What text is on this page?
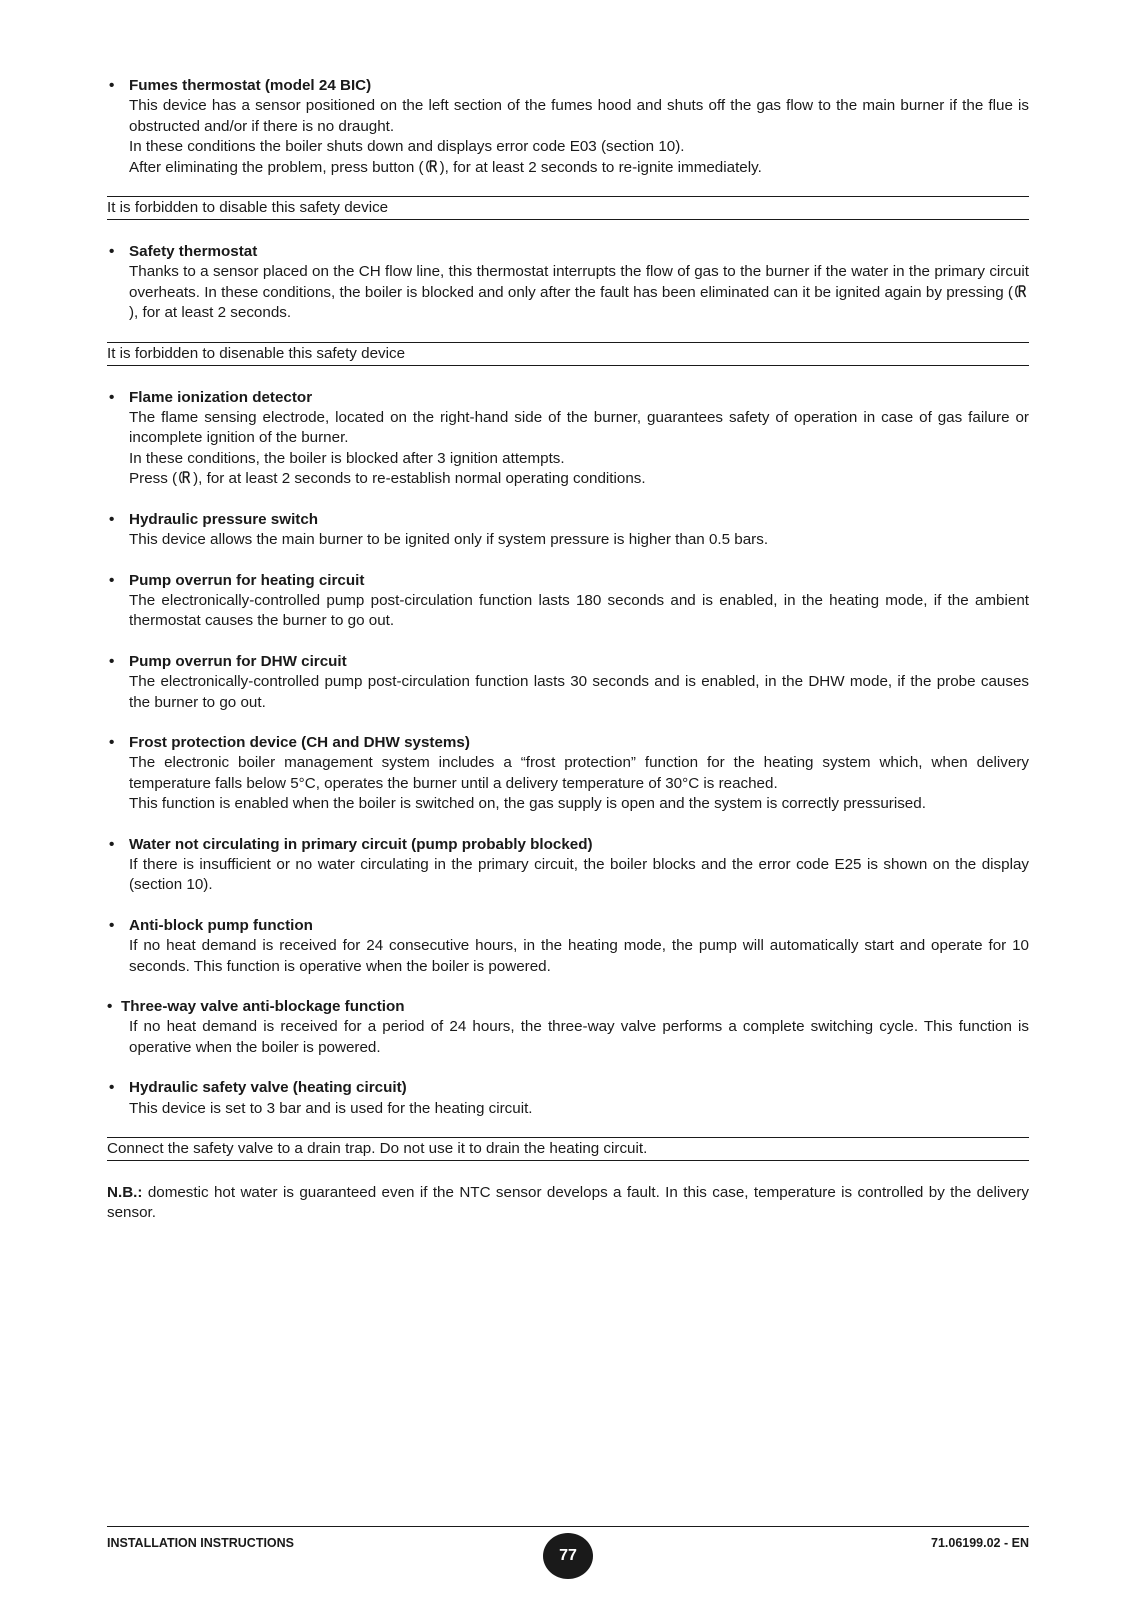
• Fumes thermostat (model 24 BIC)
This device has a sensor positioned on the left section of the fumes hood and shuts off the gas flow to the main burner if the flue is obstructed and/or if there is no draught.
In these conditions the boiler shuts down and displays error code E03 (section 10).
After eliminating the problem, press button ( ), for at least 2 seconds to re-ignite immediately.
It is forbidden to disable this safety device
• Safety thermostat
Thanks to a sensor placed on the CH flow line, this thermostat interrupts the flow of gas to the burner if the water in the primary circuit overheats. In these conditions, the boiler is blocked and only after the fault has been eliminated can it be ignited again by pressing (), for at least 2 seconds.
It is forbidden to disenable this safety device
• Flame ionization detector
The flame sensing electrode, located on the right-hand side of the burner, guarantees safety of operation in case of gas failure or incomplete ignition of the burner.
In these conditions, the boiler is blocked after 3 ignition attempts.
Press ( ), for at least 2 seconds to re-establish normal operating conditions.
• Hydraulic pressure switch
This device allows the main burner to be ignited only if system pressure is higher than 0.5 bars.
• Pump overrun for heating circuit
The electronically-controlled pump post-circulation function lasts 180 seconds and is enabled, in the heating mode, if the ambient thermostat causes the burner to go out.
• Pump overrun for DHW circuit
The electronically-controlled pump post-circulation function lasts 30 seconds and is enabled, in the DHW mode, if the probe causes the burner to go out.
• Frost protection device (CH and DHW systems)
The electronic boiler management system includes a “frost protection” function for the heating system which, when delivery temperature falls below 5°C, operates the burner until a delivery temperature of 30°C is reached.
This function is enabled when the boiler is switched on, the gas supply is open and the system is correctly pressurised.
• Water not circulating in primary circuit (pump probably blocked)
If there is insufficient or no water circulating in the primary circuit, the boiler blocks and the error code E25 is shown on the display (section 10).
• Anti-block pump function
If no heat demand is received for 24 consecutive hours, in the heating mode, the pump will automatically start and operate for 10 seconds. This function is operative when the boiler is powered.
• Three-way valve anti-blockage function
If no heat demand is received for a period of 24 hours, the three-way valve performs a complete switching cycle. This function is operative when the boiler is powered.
• Hydraulic safety valve (heating circuit)
This device is set to 3 bar and is used for the heating circuit.
Connect the safety valve to a drain trap. Do not use it to drain the heating circuit.
N.B.: domestic hot water is guaranteed even if the NTC sensor develops a fault. In this case, temperature is controlled by the delivery sensor.
INSTALLATION INSTRUCTIONS
77
71.06199.02 - EN
